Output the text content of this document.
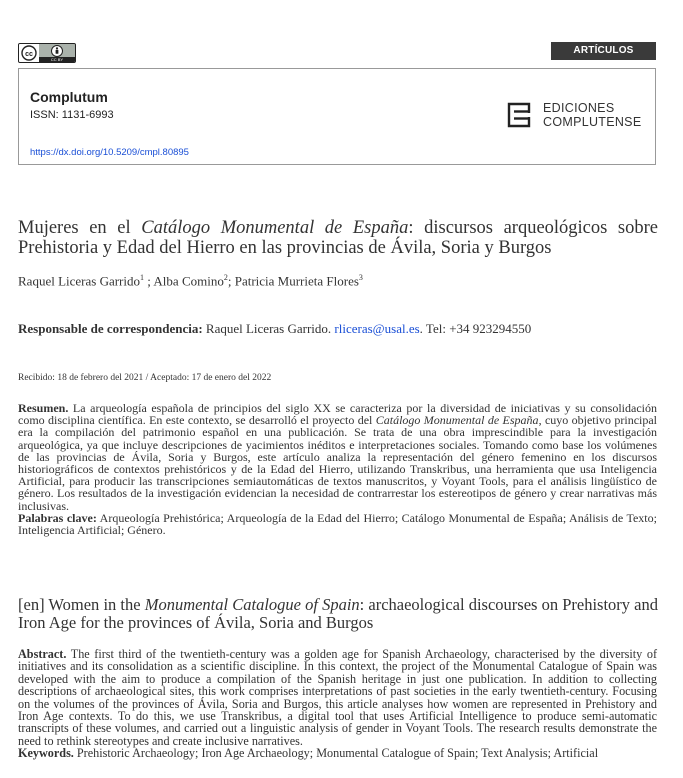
cc
CC BY
ARTÍCULOS
Complutum
ISSN: 1131-6993
https://dx.doi.org/10.5209/cmpl.80895
EDICIONES
COMPLUTENSE
Mujeres en el Catálogo Monumental de España: discursos arqueológicos sobre Prehistoria y Edad del Hierro en las provincias de Ávila, Soria y Burgos
Raquel Liceras Garrido$^1$ ; Alba Comino$^2$; Patricia Murrieta Flores$^3$
Responsable de correspondencia: Raquel Liceras Garrido. rliceras@usal.es. Tel: +34 923294550
Recibido: 18 de febrero del 2021 / Aceptado: 17 de enero del 2022

Resumen. La arqueología española de principios del siglo XX se caracteriza por la diversidad de iniciativas y su consolidación como disciplina científica. En este contexto, se desarrolló el proyecto del Catálogo Monumental de España, cuyo objetivo principal era la compilación del patrimonio español en una publicación. Se trata de una obra imprescindible para la investigación arqueológica, ya que incluye descripciones de yacimientos inéditos e interpretaciones sociales. Tomando como base los volúmenes de las provincias de Ávila, Soria y Burgos, este artículo analiza la representación del género femenino en los discursos historiográficos de contextos prehistóricos y de la Edad del Hierro, utilizando Transkribus, una herramienta que usa Inteligencia Artificial, para producir las transcripciones semiautomáticas de textos manuscritos, y Voyant Tools, para el análisis lingüístico de género. Los resultados de la investigación evidencian la necesidad de contrarrestar los estereotipos de género y crear narrativas más inclusivas.
Palabras clave: Arqueología Prehistórica; Arqueología de la Edad del Hierro; Catálogo Monumental de España; Análisis de Texto; Inteligencia Artificial; Género.

[en] Women in the Monumental Catalogue of Spain: archaeological discourses on Prehistory and Iron Age for the provinces of Ávila, Soria and Burgos

Abstract. The first third of the twentieth-century was a golden age for Spanish Archaeology, characterised by the diversity of initiatives and its consolidation as a scientific discipline. In this context, the project of the Monumental Catalogue of Spain was developed with the aim to produce a compilation of the Spanish heritage in just one publication. In addition to collecting descriptions of archaeological sites, this work comprises interpretations of past societies in the early twentieth-century. Focusing on the volumes of the provinces of Ávila, Soria and Burgos, this article analyses how women are represented in Prehistory and Iron Age contexts. To do this, we use Transkribus, a digital tool that uses Artificial Intelligence to produce semi-automatic transcripts of these volumes, and carried out a linguistic analysis of gender in Voyant Tools. The research results demonstrate the need to rethink stereotypes and create inclusive narratives.
Keywords. Prehistoric Archaeology; Iron Age Archaeology; Monumental Catalogue of Spain; Text Analysis; Artificial
